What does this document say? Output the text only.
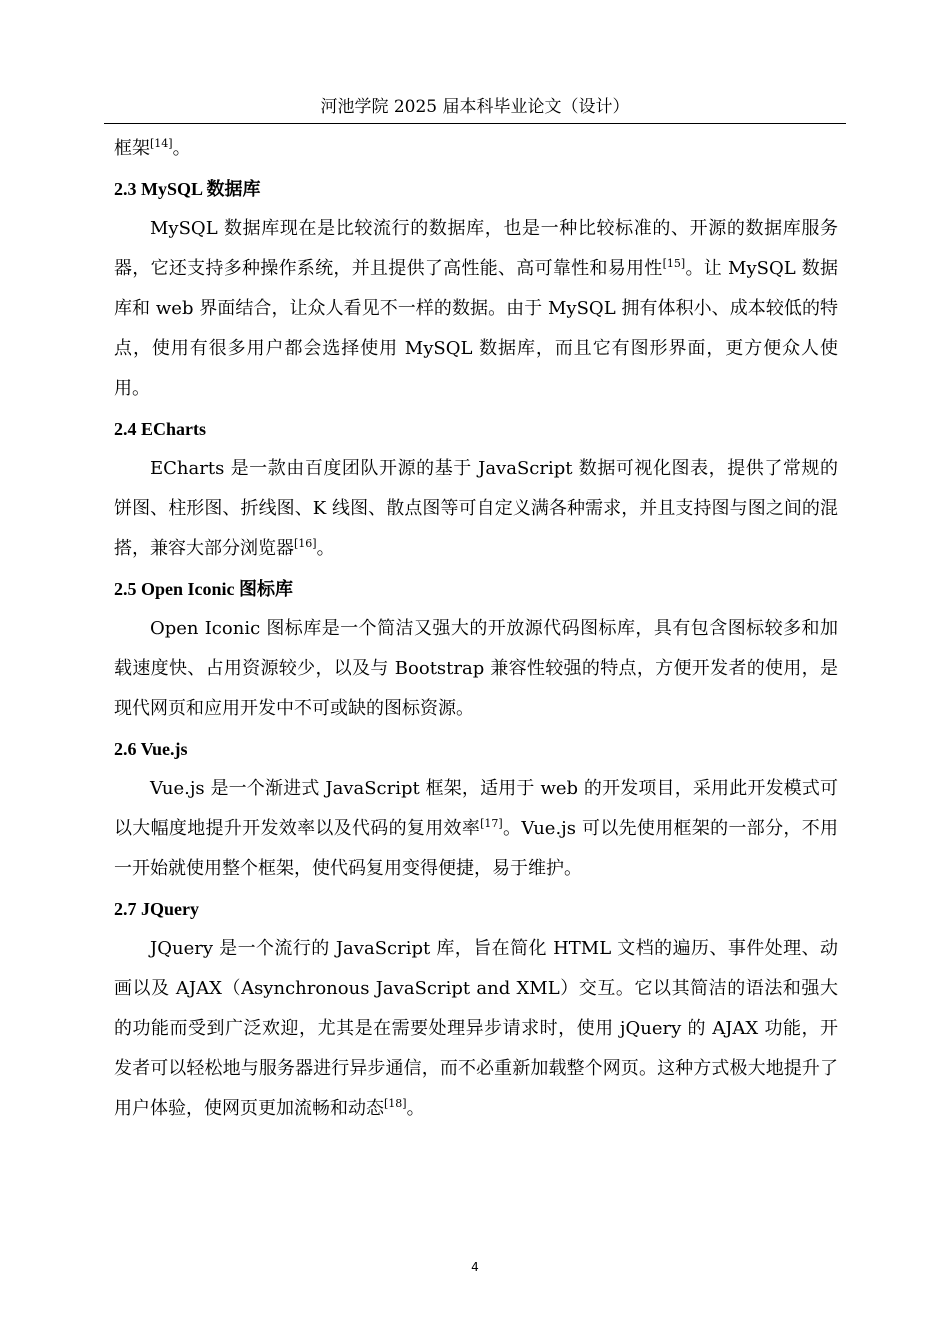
河池学院 2025 届本科毕业论文（设计）

框架[14]。

2.3 MySQL 数据库

MySQL 数据库现在是比较流行的数据库，也是一种比较标准的、开源的数据库服务器，它还支持多种操作系统，并且提供了高性能、高可靠性和易用性[15]。让 MySQL 数据库和 web 界面结合，让众人看见不一样的数据。由于 MySQL 拥有体积小、成本较低的特点，使用有很多用户都会选择使用 MySQL 数据库，而且它有图形界面，更方便众人使用。

2.4 ECharts

ECharts 是一款由百度团队开源的基于 JavaScript 数据可视化图表，提供了常规的饼图、柱形图、折线图、K 线图、散点图等可自定义满各种需求，并且支持图与图之间的混搭，兼容大部分浏览器[16]。

2.5 Open Iconic 图标库

Open Iconic 图标库是一个简洁又强大的开放源代码图标库，具有包含图标较多和加载速度快、占用资源较少，以及与 Bootstrap 兼容性较强的特点，方便开发者的使用，是现代网页和应用开发中不可或缺的图标资源。

2.6 Vue.js

Vue.js 是一个渐进式 JavaScript 框架，适用于 web 的开发项目，采用此开发模式可以大幅度地提升开发效率以及代码的复用效率[17]。Vue.js 可以先使用框架的一部分，不用一开始就使用整个框架，使代码复用变得便捷，易于维护。

2.7 JQuery

JQuery 是一个流行的 JavaScript 库，旨在简化 HTML 文档的遍历、事件处理、动画以及 AJAX（Asynchronous JavaScript and XML）交互。它以其简洁的语法和强大的功能而受到广泛欢迎，尤其是在需要处理异步请求时，使用 jQuery 的 AJAX 功能，开发者可以轻松地与服务器进行异步通信，而不必重新加载整个网页。这种方式极大地提升了用户体验，使网页更加流畅和动态[18]。

4
